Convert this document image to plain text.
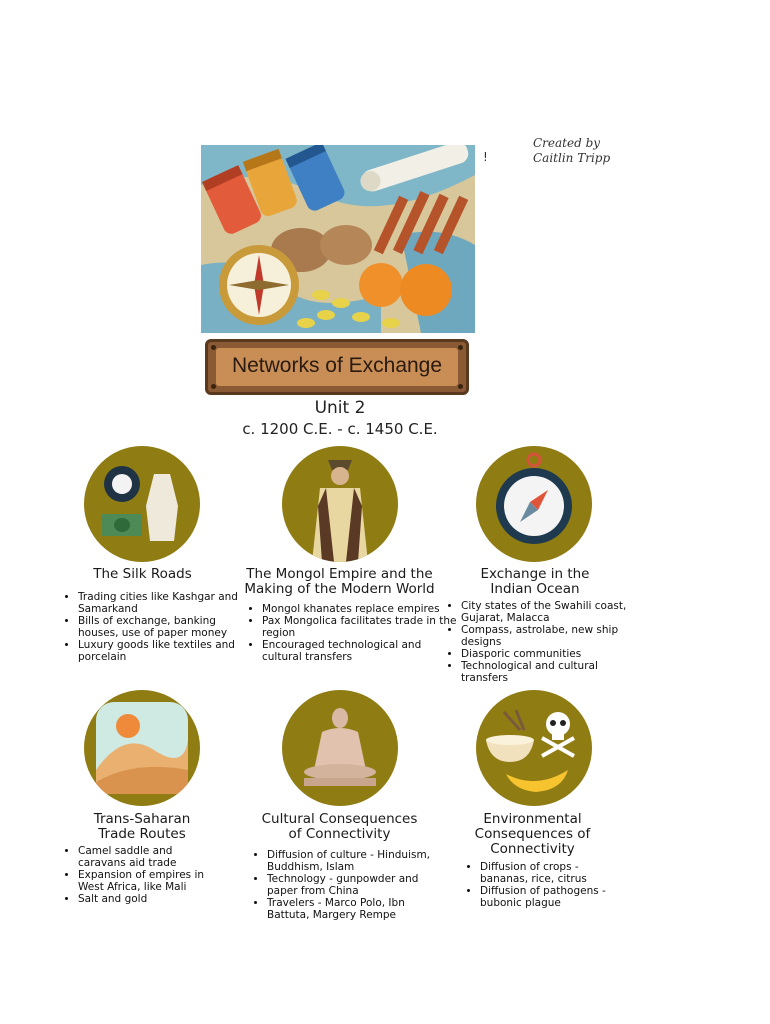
Created by
Caitlin Tripp
!
Networks of Exchange
Unit 2
c. 1200 C.E. - c. 1450 C.E.
The Silk Roads
• Trading cities like Kashgar and Samarkand
• Bills of exchange, banking houses, use of paper money
• Luxury goods like textiles and porcelain
The Mongol Empire and the
Making of the Modern World
• Mongol khanates replace empires
• Pax Mongolica facilitates trade in the region
• Encouraged technological and cultural transfers
Exchange in the
Indian Ocean
• City states of the Swahili coast, Gujarat, Malacca
• Compass, astrolabe, new ship designs
• Diasporic communities
• Technological and cultural transfers
Trans-Saharan
Trade Routes
• Camel saddle and caravans aid trade
• Expansion of empires in West Africa, like Mali
• Salt and gold
Cultural Consequences
of Connectivity
• Diffusion of culture - Hinduism, Buddhism, Islam
• Technology - gunpowder and paper from China
• Travelers - Marco Polo, Ibn Battuta, Margery Rempe
Environmental
Consequences of
Connectivity
• Diffusion of crops - bananas, rice, citrus
• Diffusion of pathogens - bubonic plague
